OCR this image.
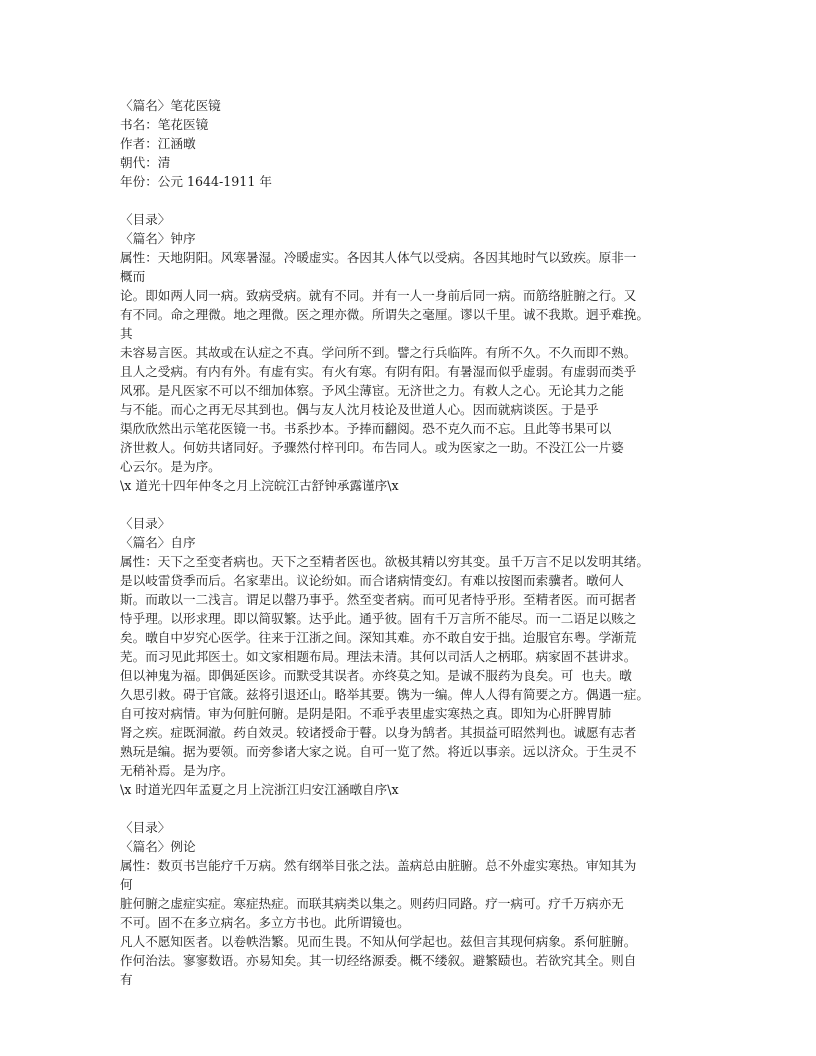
〈篇名〉笔花医镜
书名：笔花医镜
作者：江涵暾
朝代：清
年份：公元 1644-1911 年
〈目录〉
〈篇名〉钟序
属性：天地阴阳。风寒暑湿。冷暖虚实。各因其人体气以受病。各因其地时气以致疾。原非一
概而
论。即如两人同一病。致病受病。就有不同。并有一人一身前后同一病。而筋络脏腑之行。又
有不同。命之理微。地之理微。医之理亦微。所谓失之毫厘。谬以千里。诚不我欺。迥乎难挽。
其
未容易言医。其故或在认症之不真。学问所不到。譬之行兵临阵。有所不久。不久而即不熟。
且人之受病。有内有外。有虚有实。有火有寒。有阴有阳。有暑湿而似乎虚弱。有虚弱而类乎
风邪。是凡医家不可以不细加体察。予风尘薄宦。无济世之力。有救人之心。无论其力之能
与不能。而心之再无尽其到也。偶与友人沈月枝论及世道人心。因而就病谈医。于是乎
渠欣欣然出示笔花医镜一书。书系抄本。予捧而翻阅。恐不克久而不忘。且此等书果可以
济世救人。何妨共诸同好。予骤然付梓刊印。布告同人。或为医家之一助。不没江公一片婆
心云尔。是为序。
\x 道光十四年仲冬之月上浣皖江古舒钟承露谨序\x
〈目录〉
〈篇名〉自序
属性：天下之至变者病也。天下之至精者医也。欲极其精以穷其变。虽千万言不足以发明其绪。
是以岐雷贷季而后。名家辈出。议论纷如。而合诸病情变幻。有难以按图而索骥者。暾何人
斯。而敢以一二浅言。谓足以罄乃事乎。然至变者病。而可见者恃乎形。至精者医。而可据者
恃乎理。以形求理。即以简驭繁。达乎此。通乎彼。固有千万言所不能尽。而一二语足以赅之
矣。暾自中岁究心医学。往来于江浙之间。深知其难。亦不敢自安于拙。迨服官东粤。学渐荒
芜。而习见此邦医士。如文家相题布局。理法未清。其何以司活人之柄耶。病家固不甚讲求。
但以神鬼为福。即偶延医诊。而默受其误者。亦终莫之知。是诚不服药为良矣。可  也夫。暾
久思引救。碍于官箴。兹将引退还山。略举其要。镌为一编。俾人人得有简要之方。偶遇一症。
自可按对病情。审为何脏何腑。是阴是阳。不乖乎表里虚实寒热之真。即知为心肝脾胃肺
肾之疾。症既洞澈。药自效灵。较诸授命于瞽。以身为鹄者。其损益可昭然判也。诚愿有志者
熟玩是编。据为要领。而旁参诸大家之说。自可一览了然。将近以事亲。远以济众。于生灵不
无稍补焉。是为序。
\x 时道光四年孟夏之月上浣浙江归安江涵暾自序\x
〈目录〉
〈篇名〉例论
属性：数页书岂能疗千万病。然有纲举目张之法。盖病总由脏腑。总不外虚实寒热。审知其为
何
脏何腑之虚症实症。寒症热症。而联其病类以集之。则药归同路。疗一病可。疗千万病亦无
不可。固不在多立病名。多立方书也。此所谓镜也。
凡人不愿知医者。以卷帙浩繁。见而生畏。不知从何学起也。兹但言其现何病象。系何脏腑。
作何治法。寥寥数语。亦易知矣。其一切经络源委。概不缕叙。避繁赜也。若欲究其全。则自
有
